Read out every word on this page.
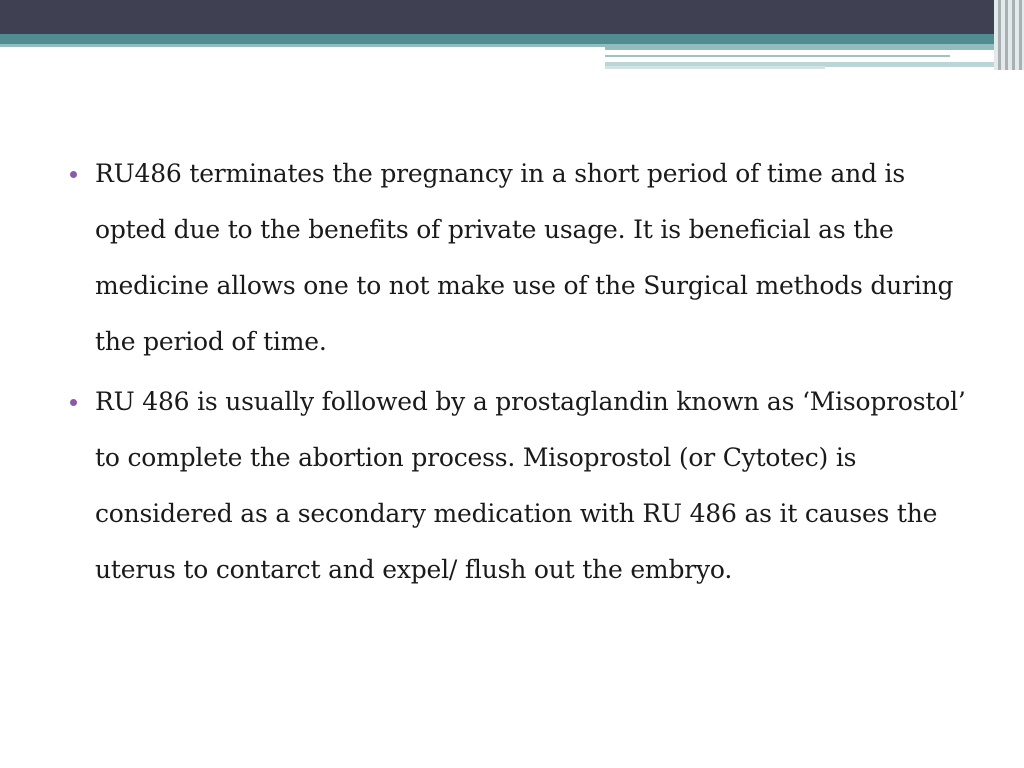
RU486 terminates the pregnancy in a short period of time and is opted due to the benefits of private usage. It is beneficial as the medicine allows one to not make use of the Surgical methods during the period of time.
RU 486 is usually followed by a prostaglandin known as ‘Misoprostol’ to complete the abortion process. Misoprostol (or Cytotec) is considered as a secondary medication with RU 486 as it causes the uterus to contarct and expel/ flush out the embryo.
